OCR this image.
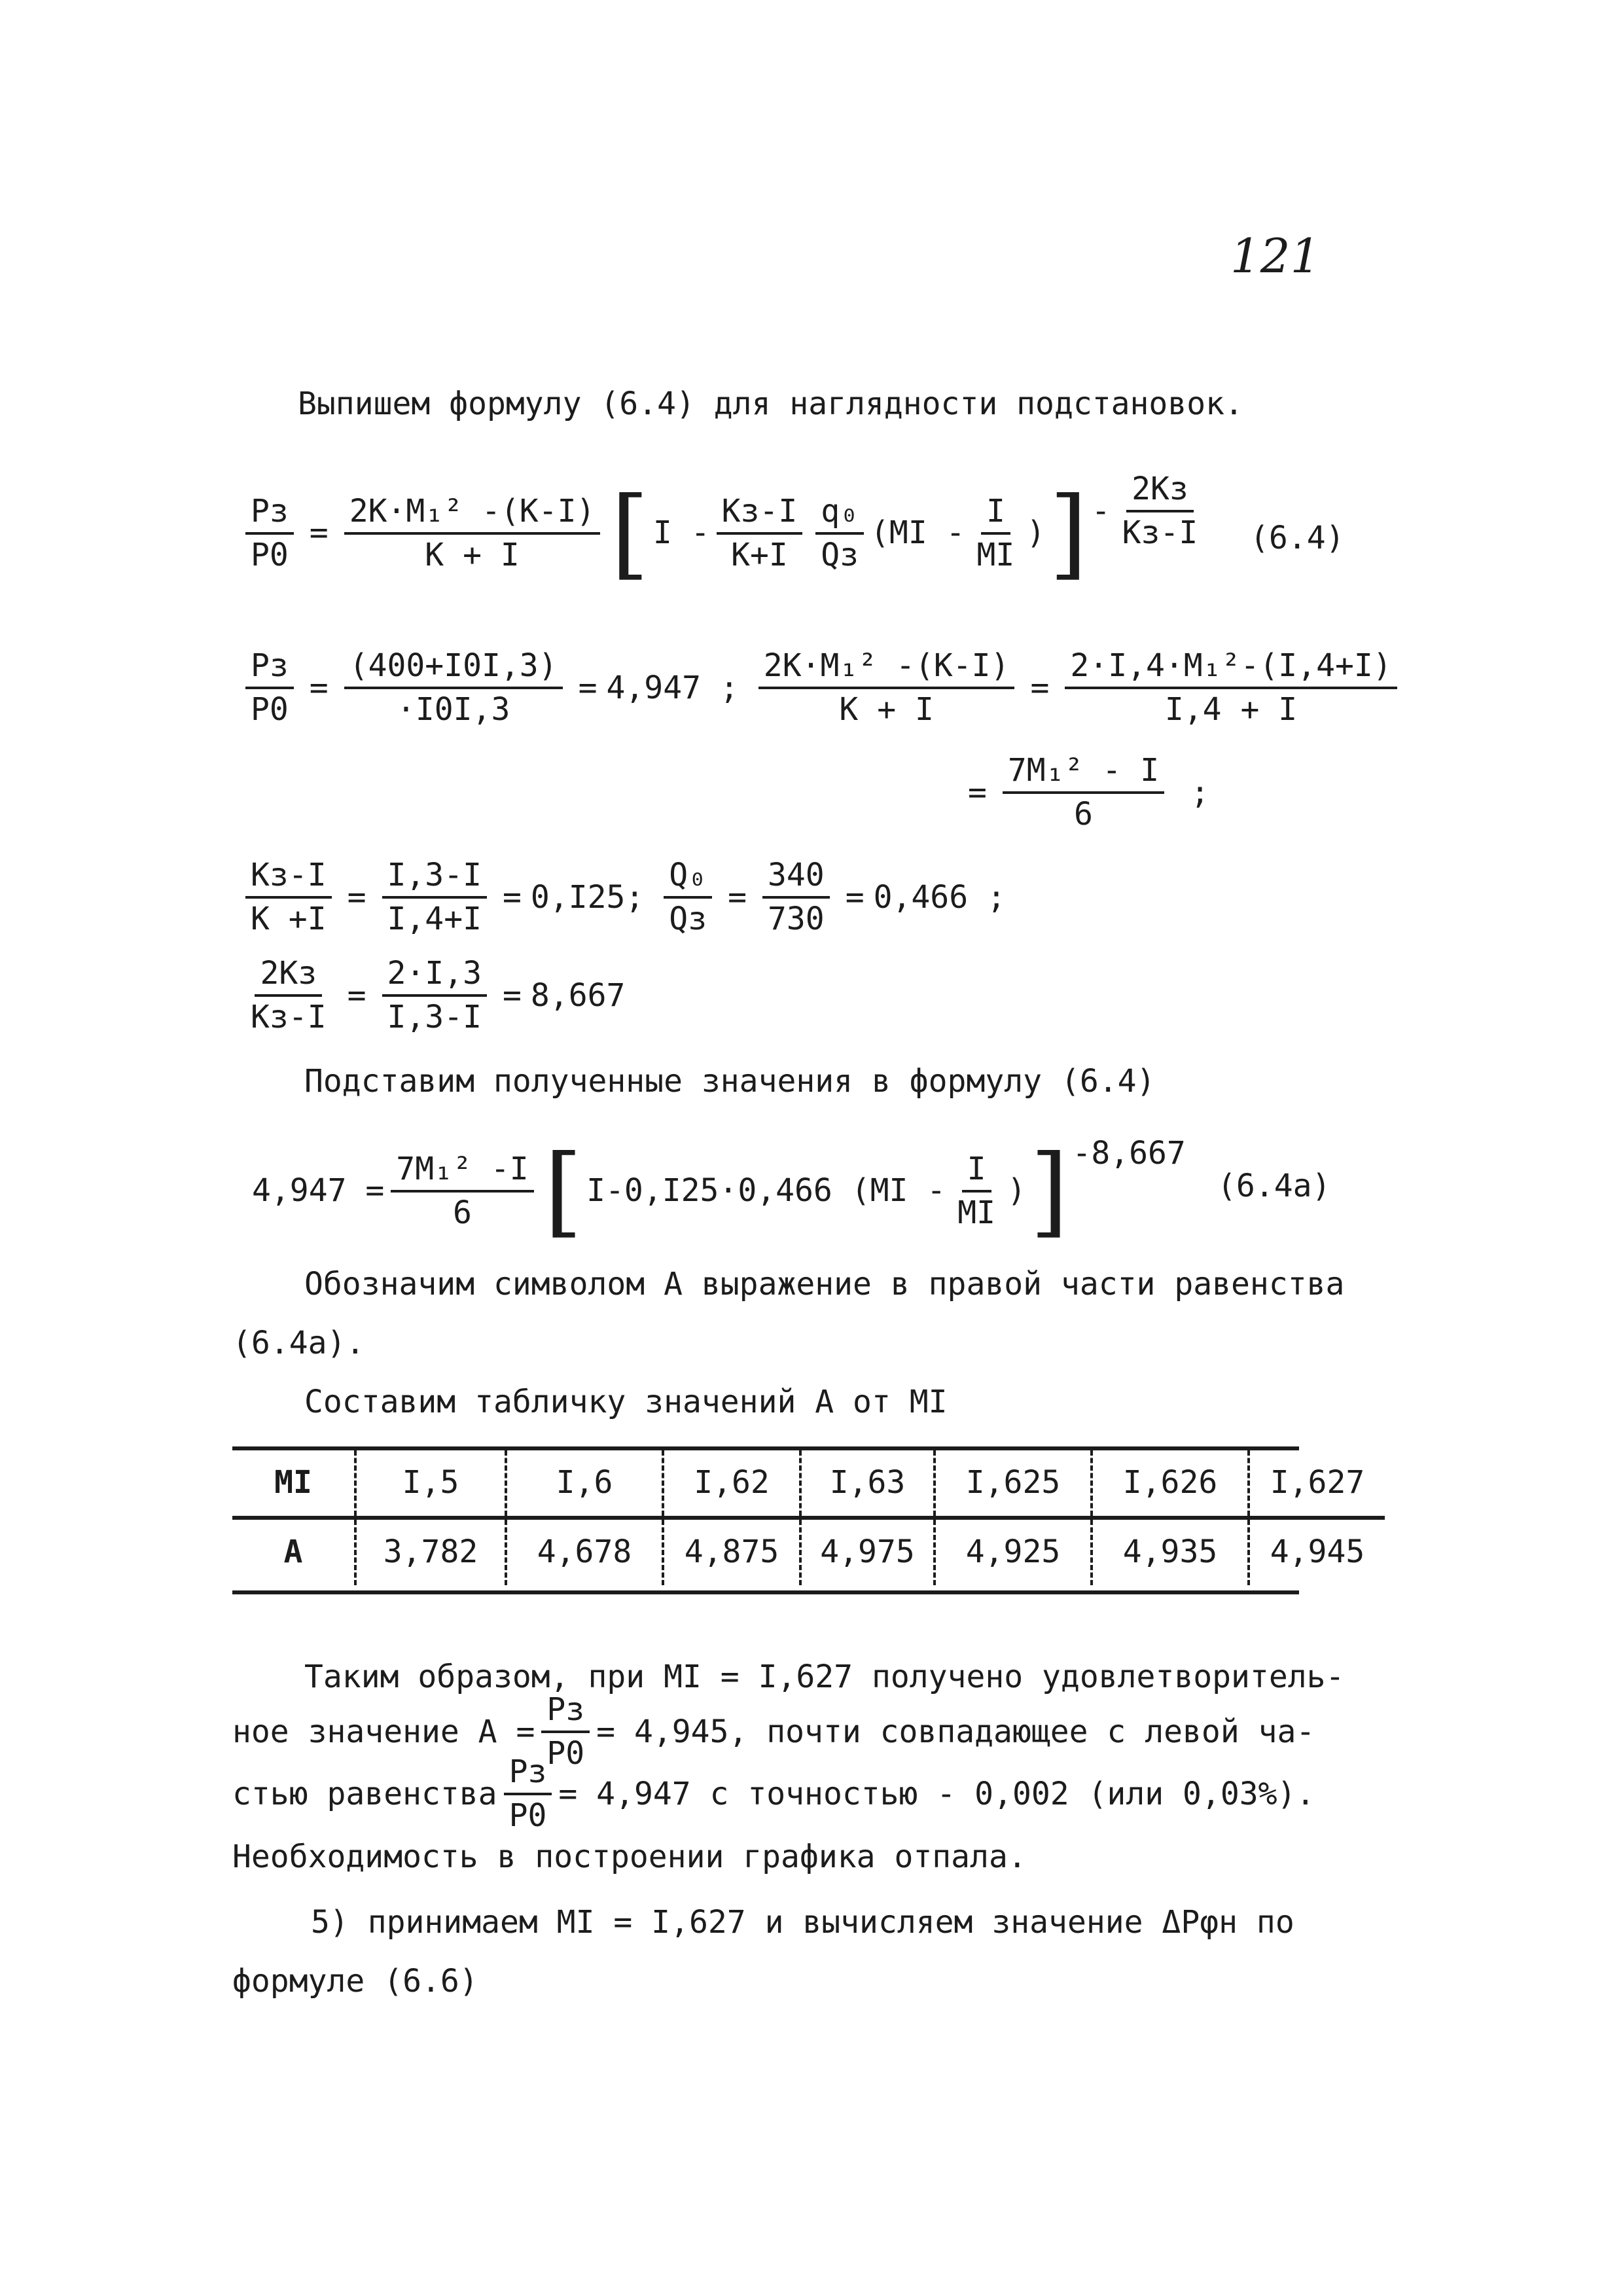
121
Выпишем формулу (6.4) для наглядности подстановок.
$\frac{Pз}{P0} = \frac{\text{2K·M₁² -(K-I)}}{K + I}$ [ I - $\frac{Kз-I}{K+I} \frac{\text{q₀}}{Qз} (MI - \frac{I}{MI}$ ) ] - $\frac{2Kз}{Kз-I} (6.4)$
$\frac{Pз}{P0} = \frac{(400+I0I,3)}{\cdot I0I,3} = 4,947$ ; $\frac{\text{2K·M₁² -(K-I)}}{K + I} = \frac{\text{2·I,4·M₁²-(I,4+I)}}{I,4 + I}$
= $\frac{\text{7M₁² - I}}{6}$ ;
$\frac{Kз-I}{K +I} = \frac{I,3-I}{I,4+I} = 0,I25$; $\frac{\text{Q₀}}{Qз} = \frac{340}{730} = 0,466$ ;
$\frac{2Kз}{Kз-I} = \frac{2\cdot I,3}{I,3-I} = 8,667$
Подставим полученные значения в формулу (6.4)
$4,947 = \frac{\text{7M₁² -I}}{6}$ [ I-0,I25·0,466 ($MI - \frac{I}{MI}$ ) ] -8,667
(6.4a)
Обозначим символом A выражение в правой части равенства
(6.4a).
Составим табличку значений A от MI
MI	I,5	I,6	I,62	I,63	I,625	I,626	I,627
A	3,782	4,678	4,875	4,975	4,925	4,935	4,945
Таким образом, при MI = I,627 получено удовлетворитель-
ное значение $A = \frac{Pз}{P0} = 4,945$, почти совпадающее с левой ча-
стью равенства $\frac{Pз}{P0} = 4,947$ с точностью - 0,002 (или 0,03%).
Необходимость в построении графика отпала.
5) принимаем MI = I,627 и вычисляем значение ΔPφн по
формуле (6.6)
